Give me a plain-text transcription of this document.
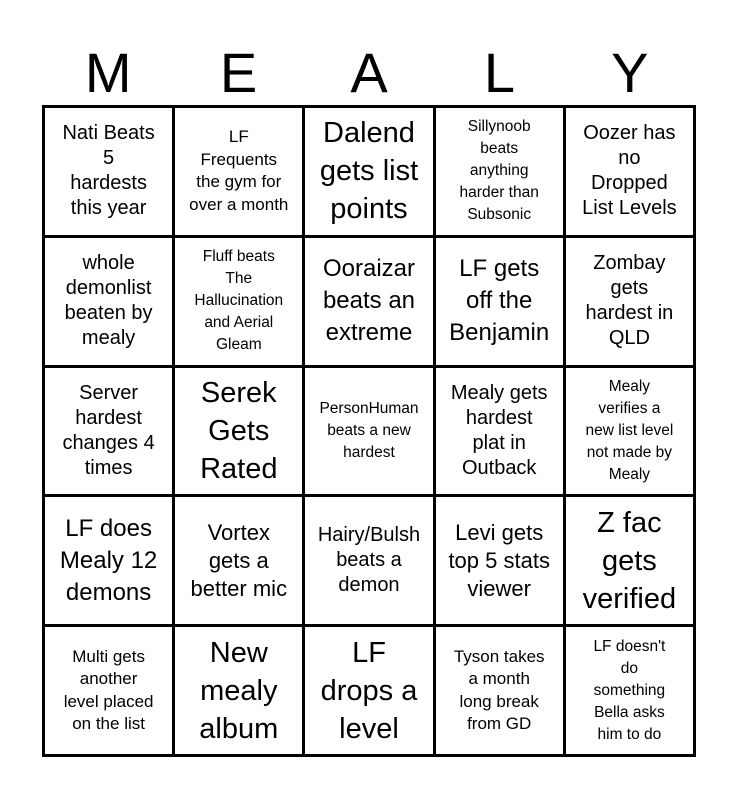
M	E	A	L	Y
Nati Beats
5
hardests
this year
LF
Frequents
the gym for
over a month
Dalend
gets list
points
Sillynoob
beats
anything
harder than
Subsonic
Oozer has
no
Dropped
List Levels
whole
demonlist
beaten by
mealy
Fluff beats
The
Hallucination
and Aerial
Gleam
Ooraizar
beats an
extreme
LF gets
off the
Benjamin
Zombay
gets
hardest in
QLD
Server
hardest
changes 4
times
Serek
Gets
Rated
PersonHuman
beats a new
hardest
Mealy gets
hardest
plat in
Outback
Mealy
verifies a
new list level
not made by
Mealy
LF does
Mealy 12
demons
Vortex
gets a
better mic
Hairy/Bulsh
beats a
demon
Levi gets
top 5 stats
viewer
Z fac
gets
verified
Multi gets
another
level placed
on the list
New
mealy
album
LF
drops a
level
Tyson takes
a month
long break
from GD
LF doesn't
do
something
Bella asks
him to do
